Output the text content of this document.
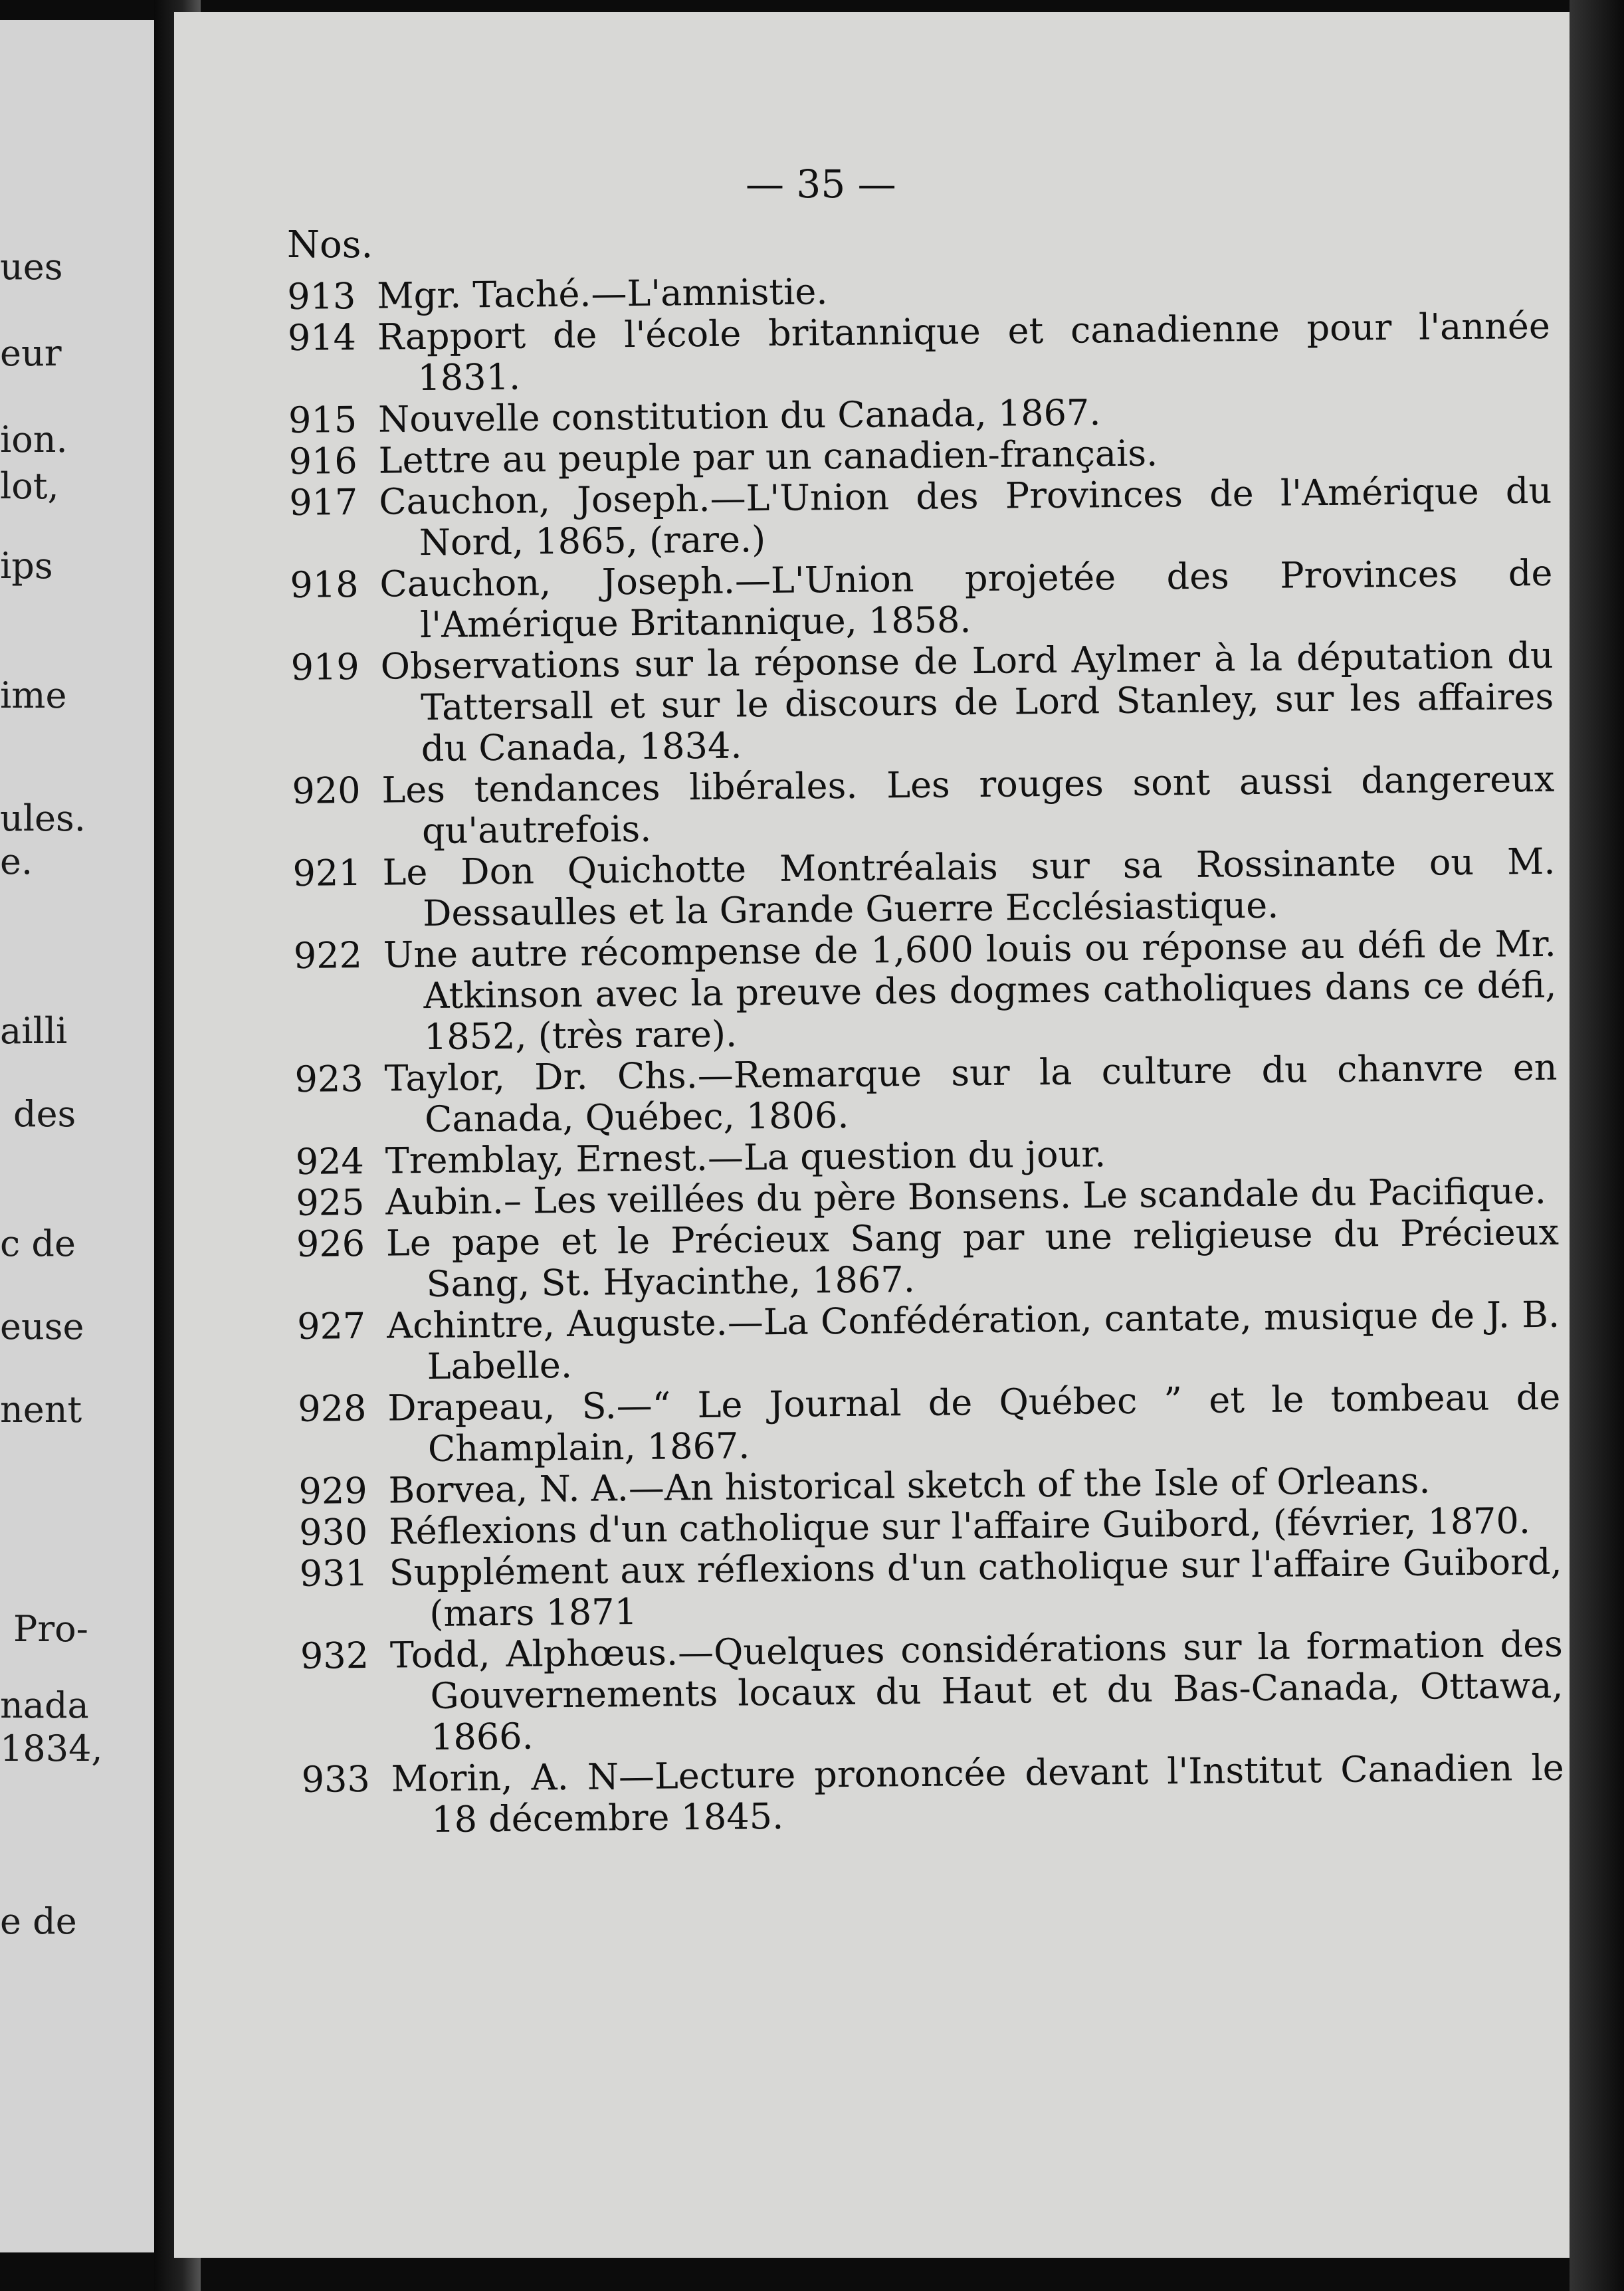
ues
eur
ion.
lot,
ips
ime
ules.
e.
ailli
des
c de
euse
nent
Pro-
nada
1834,
e de
— 35 —
Nos.
913 Mgr. Taché.—L'amnistie.
914 Rapport de l'école britannique et canadienne pour l'année 1831.
915 Nouvelle constitution du Canada, 1867.
916 Lettre au peuple par un canadien-français.
917 Cauchon, Joseph.—L'Union des Provinces de l'Amérique du Nord, 1865, (rare.)
918 Cauchon, Joseph.—L'Union projetée des Provinces de l'Amérique Britannique, 1858.
919 Observations sur la réponse de Lord Aylmer à la députation du Tattersall et sur le discours de Lord Stanley, sur les affaires du Canada, 1834.
920 Les tendances libérales. Les rouges sont aussi dangereux qu'autrefois.
921 Le Don Quichotte Montréalais sur sa Rossinante ou M. Dessaulles et la Grande Guerre Ecclésiastique.
922 Une autre récompense de 1,600 louis ou réponse au défi de Mr. Atkinson avec la preuve des dogmes catholiques dans ce défi, 1852, (très rare).
923 Taylor, Dr. Chs.—Remarque sur la culture du chanvre en Canada, Québec, 1806.
924 Tremblay, Ernest.—La question du jour.
925 Aubin.– Les veillées du père Bonsens. Le scandale du Pacifique.
926 Le pape et le Précieux Sang par une religieuse du Précieux Sang, St. Hyacinthe, 1867.
927 Achintre, Auguste.—La Confédération, cantate, musique de J. B. Labelle.
928 Drapeau, S.—“ Le Journal de Québec ” et le tombeau de Champlain, 1867.
929 Borvea, N. A.—An historical sketch of the Isle of Orleans.
930 Réflexions d'un catholique sur l'affaire Guibord, (février, 1870.
931 Supplément aux réflexions d'un catholique sur l'affaire Guibord, (mars 1871
932 Todd, Alphœus.—Quelques considérations sur la formation des Gouvernements locaux du Haut et du Bas-Canada, Ottawa, 1866.
933 Morin, A. N—Lecture prononcée devant l'Institut Canadien le 18 décembre 1845.
